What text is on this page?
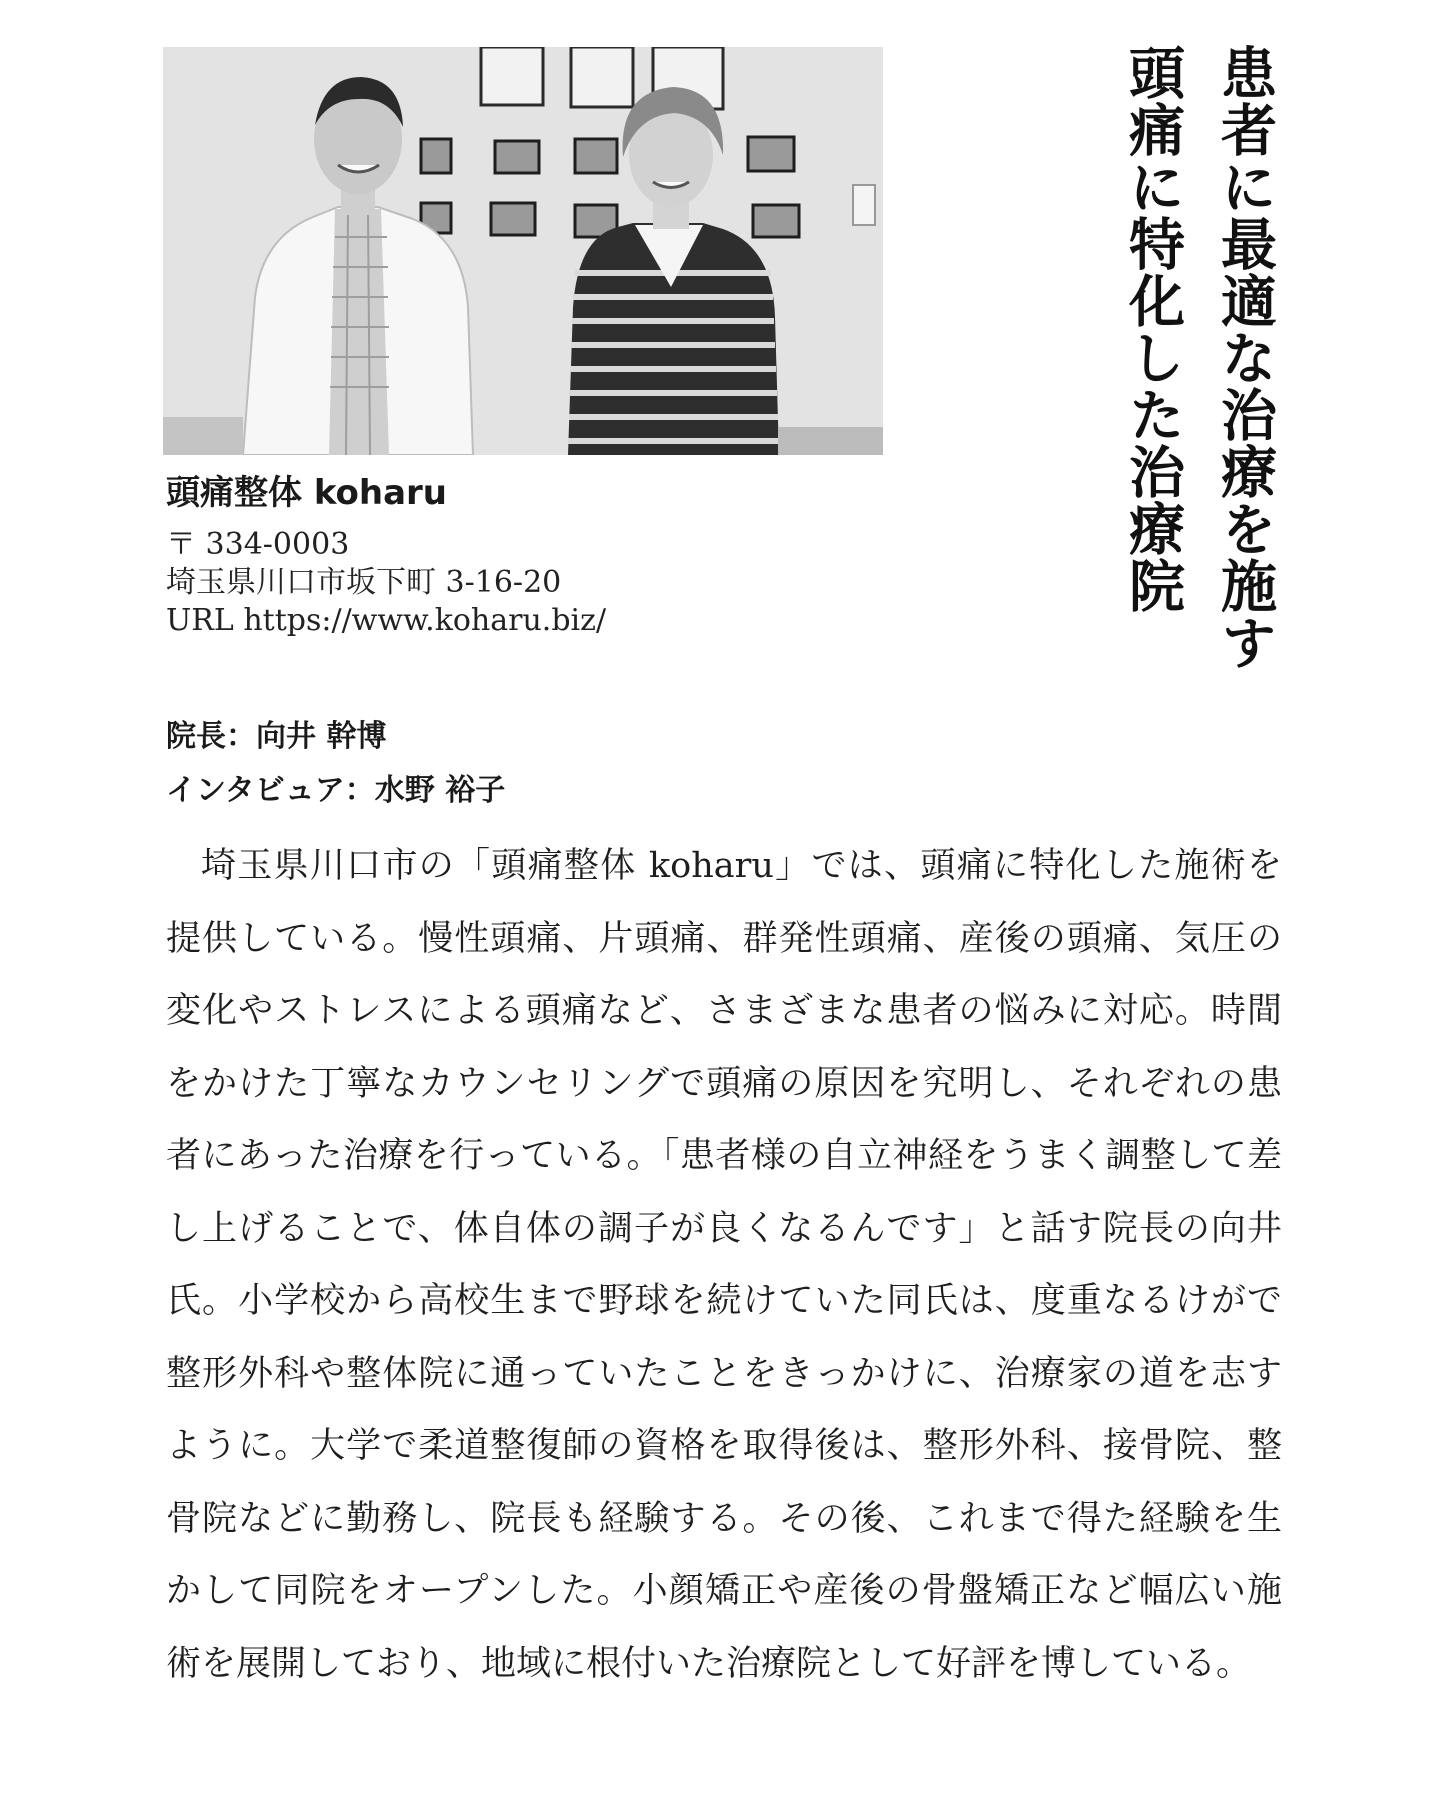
患者に最適な治療を施す
頭痛に特化した治療院
頭痛整体 koharu
〒 334-0003
埼玉県川口市坂下町 3-16-20
URL https://www.koharu.biz/
院長：向井 幹博
インタビュア：水野 裕子

埼玉県川口市の「頭痛整体 koharu」では、頭痛に特化した施術を提供している。慢性頭痛、片頭痛、群発性頭痛、産後の頭痛、気圧の変化やストレスによる頭痛など、さまざまな患者の悩みに対応。時間をかけた丁寧なカウンセリングで頭痛の原因を究明し、それぞれの患者にあった治療を行っている。「患者様の自立神経をうまく調整して差し上げることで、体自体の調子が良くなるんです」と話す院長の向井氏。小学校から高校生まで野球を続けていた同氏は、度重なるけがで整形外科や整体院に通っていたことをきっかけに、治療家の道を志すように。大学で柔道整復師の資格を取得後は、整形外科、接骨院、整骨院などに勤務し、院長も経験する。その後、これまで得た経験を生かして同院をオープンした。小顔矯正や産後の骨盤矯正など幅広い施術を展開しており、地域に根付いた治療院として好評を博している。
